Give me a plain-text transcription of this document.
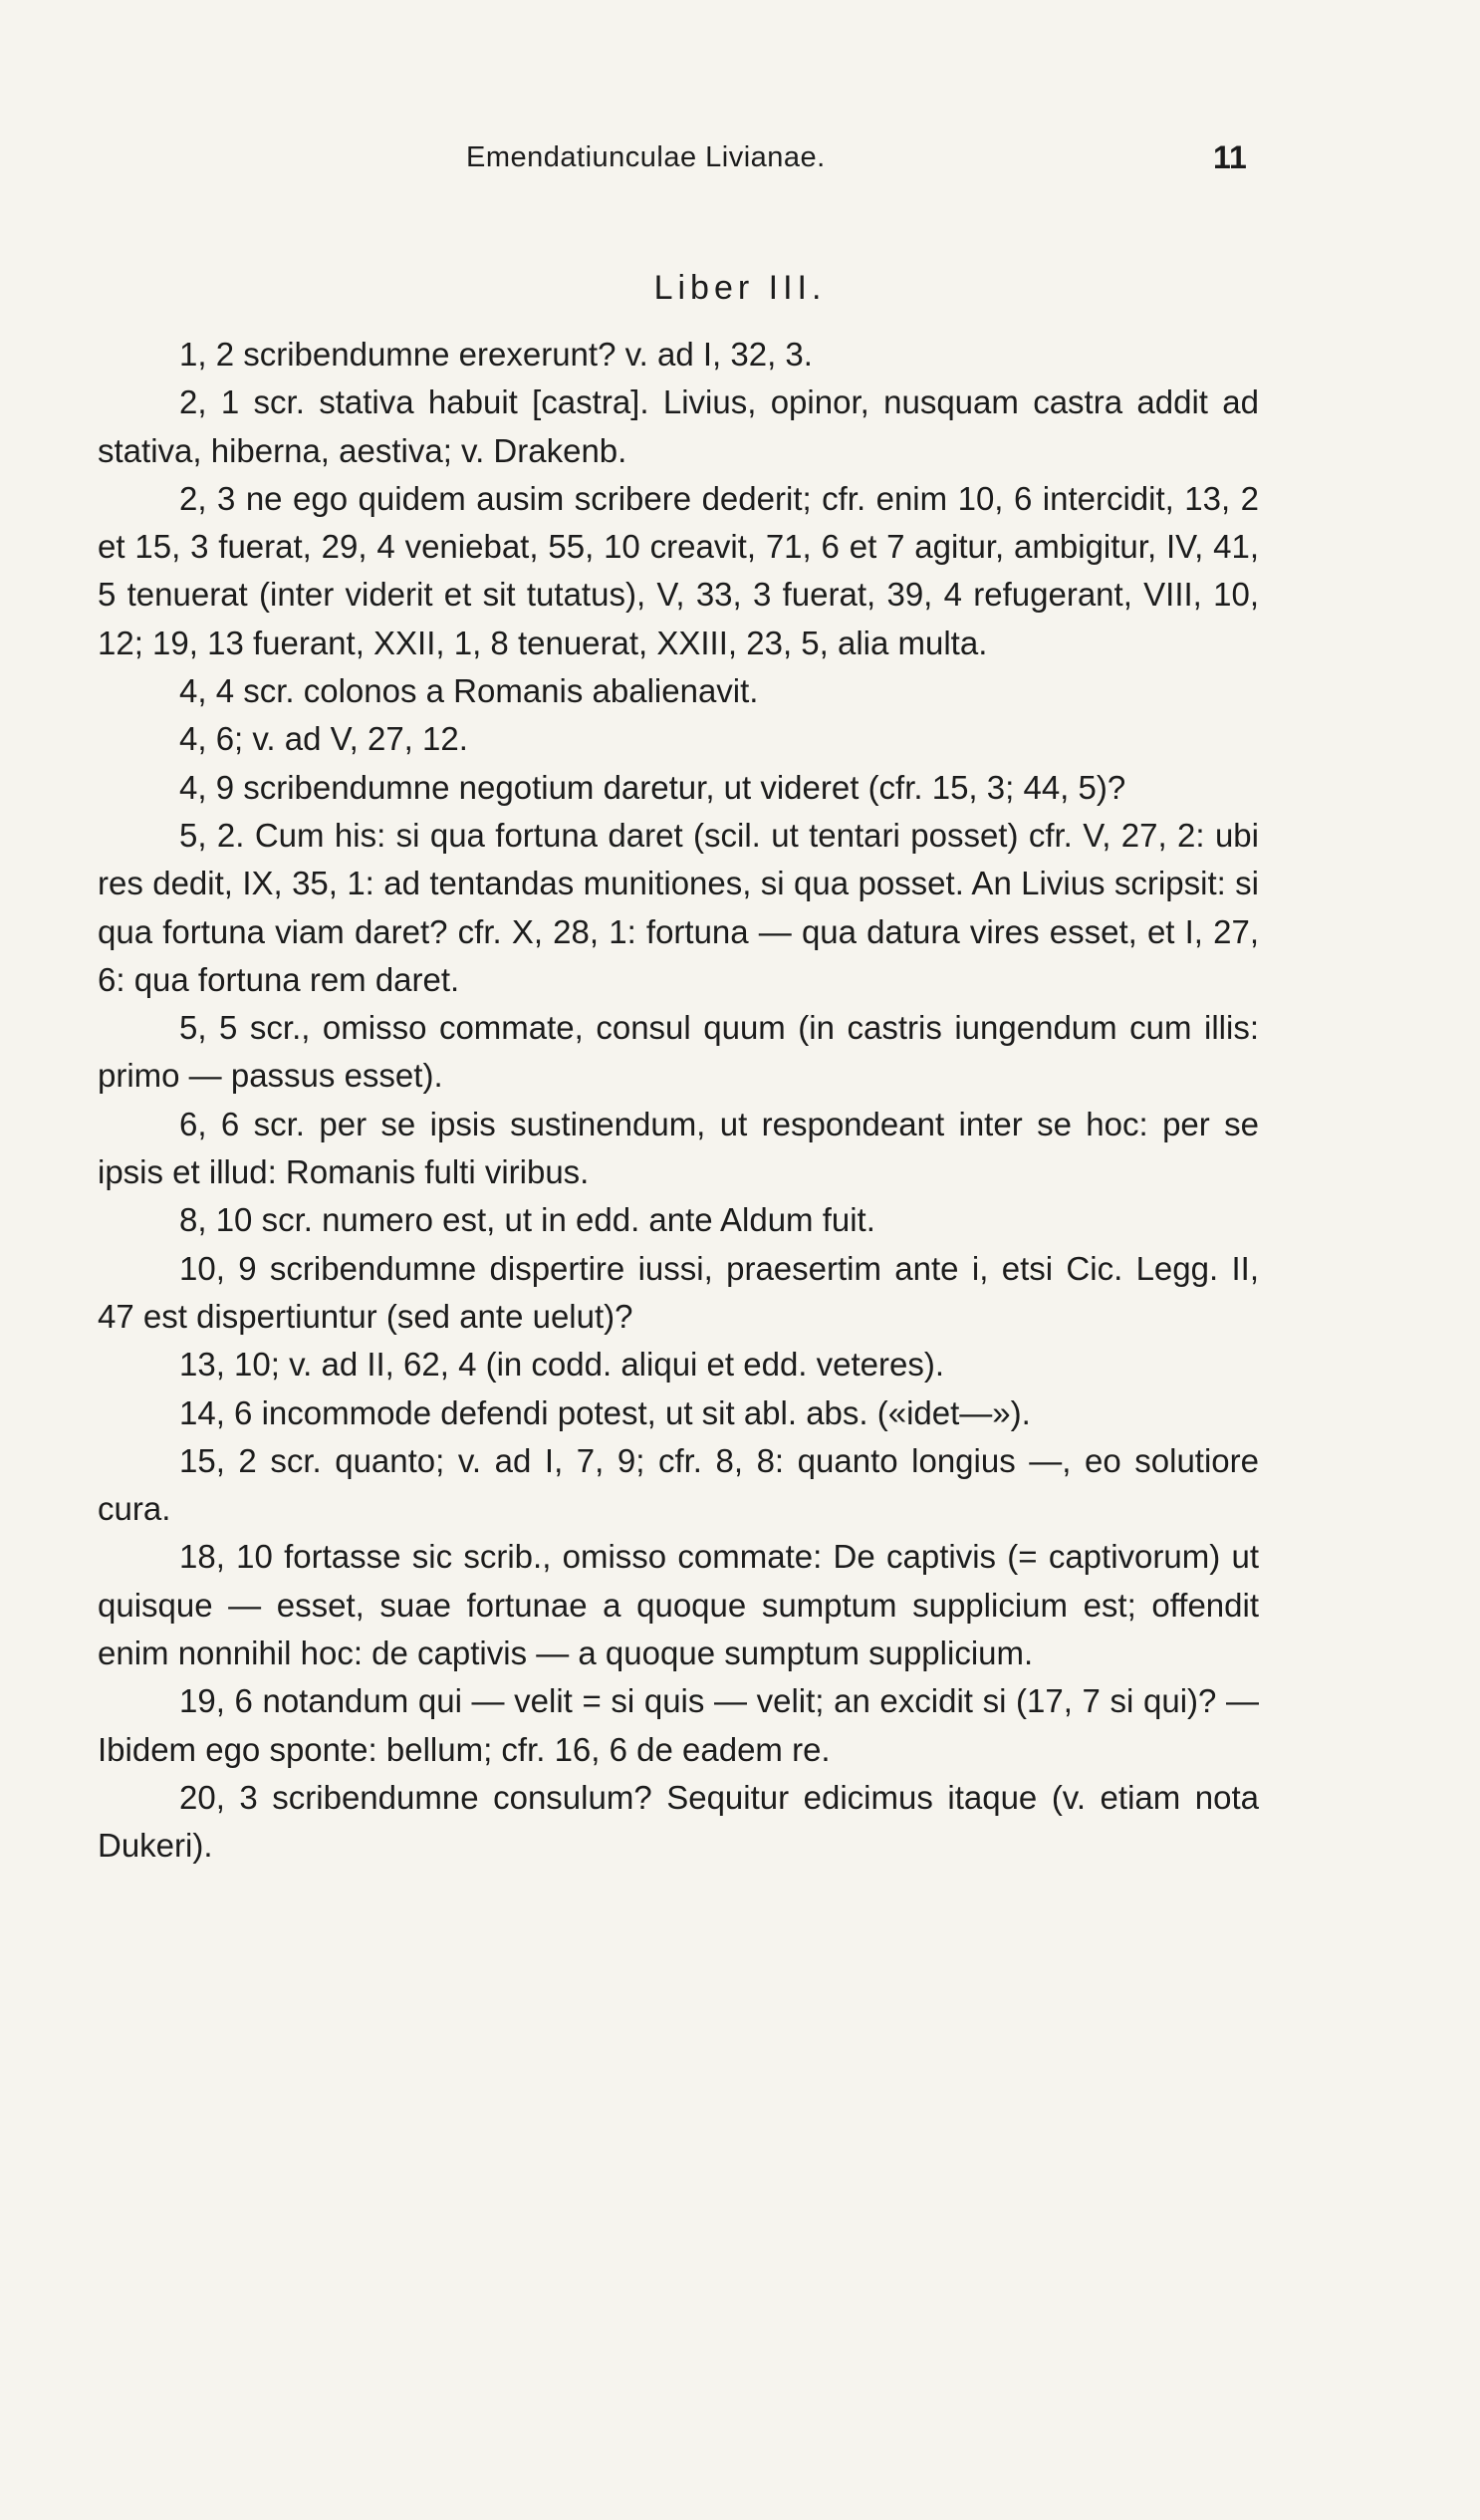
Emendatiunculae Livianae.	11
Liber III.

1, 2 scribendumne erexerunt? v. ad I, 32, 3.

2, 1 scr. stativa habuit [castra]. Livius, opinor, nusquam castra addit ad stativa, hiberna, aestiva; v. Drakenb.

2, 3 ne ego quidem ausim scribere dederit; cfr. enim 10, 6 intercidit, 13, 2 et 15, 3 fuerat, 29, 4 veniebat, 55, 10 creavit, 71, 6 et 7 agitur, ambigitur, IV, 41, 5 tenuerat (inter viderit et sit tutatus), V, 33, 3 fuerat, 39, 4 refugerant, VIII, 10, 12; 19, 13 fuerant, XXII, 1, 8 tenuerat, XXIII, 23, 5, alia multa.

4, 4 scr. colonos a Romanis abalienavit.

4, 6; v. ad V, 27, 12.

4, 9 scribendumne negotium daretur, ut videret (cfr. 15, 3; 44, 5)?

5, 2. Cum his: si qua fortuna daret (scil. ut tentari posset) cfr. V, 27, 2: ubi res dedit, IX, 35, 1: ad tentandas munitiones, si qua posset. An Livius scripsit: si qua fortuna viam daret? cfr. X, 28, 1: fortuna — qua datura vires esset, et I, 27, 6: qua fortuna rem daret.

5, 5 scr., omisso commate, consul quum (in castris iungendum cum illis: primo — passus esset).

6, 6 scr. per se ipsis sustinendum, ut respondeant inter se hoc: per se ipsis et illud: Romanis fulti viribus.

8, 10 scr. numero est, ut in edd. ante Aldum fuit.

10, 9 scribendumne dispertire iussi, praesertim ante i, etsi Cic. Legg. II, 47 est dispertiuntur (sed ante uelut)?

13, 10; v. ad II, 62, 4 (in codd. aliqui et edd. veteres).

14, 6 incommode defendi potest, ut sit abl. abs. («idet—»).

15, 2 scr. quanto; v. ad I, 7, 9; cfr. 8, 8: quanto longius —, eo solutiore cura.

18, 10 fortasse sic scrib., omisso commate: De captivis (= captivorum) ut quisque — esset, suae fortunae a quoque sumptum supplicium est; offendit enim nonnihil hoc: de captivis — a quoque sumptum supplicium.

19, 6 notandum qui — velit = si quis — velit; an excidit si (17, 7 si qui)? — Ibidem ego sponte: bellum; cfr. 16, 6 de eadem re.

20, 3 scribendumne consulum? Sequitur edicimus itaque (v. etiam nota Dukeri).
